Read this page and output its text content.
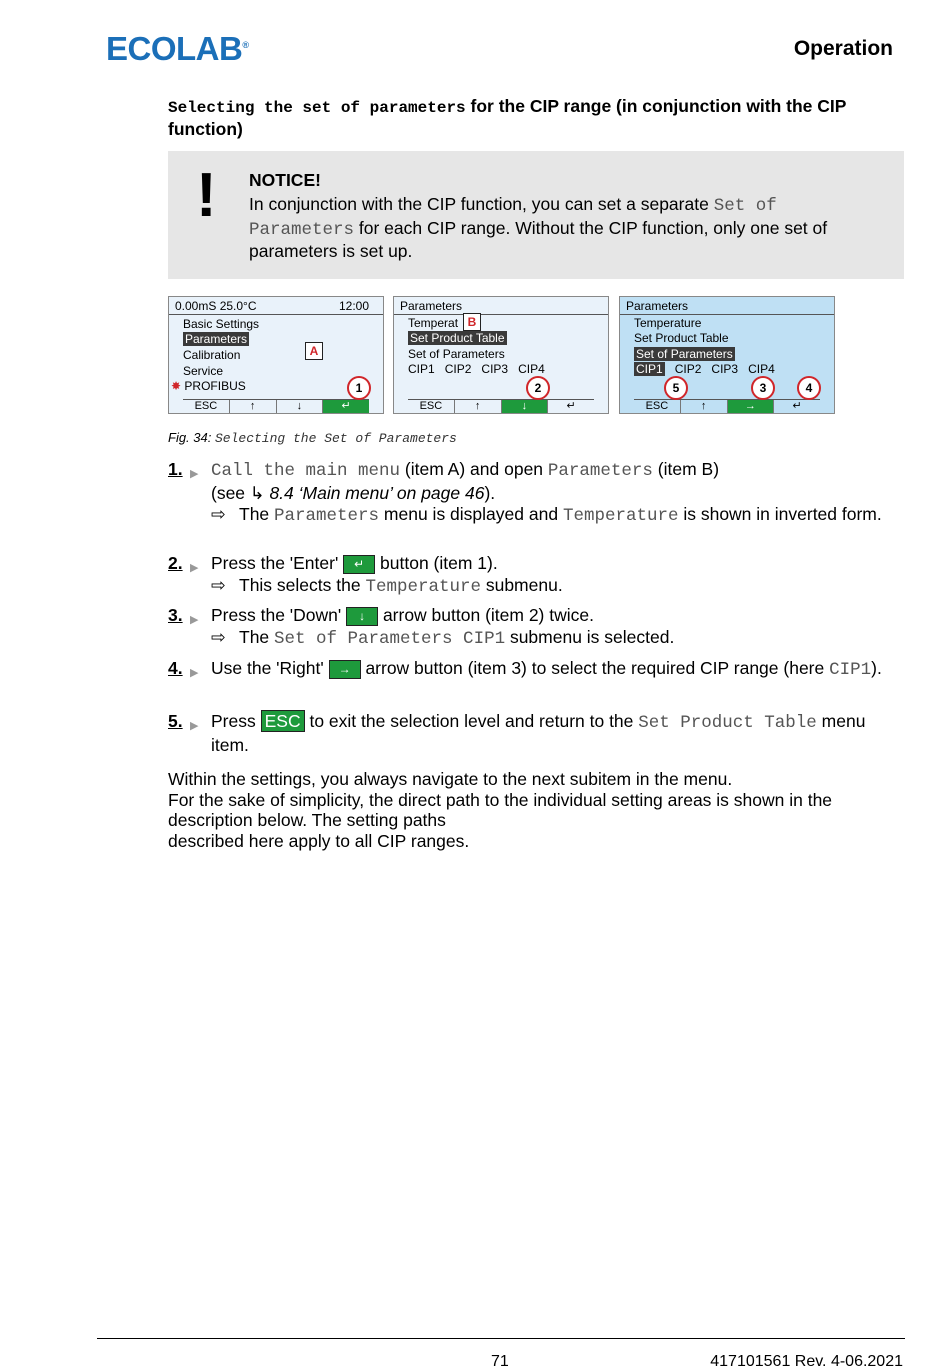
ECOLAB®	Operation
Selecting the set of parameters for the CIP range (in conjunction with the CIP function)
! NOTICE!
In conjunction with the CIP function, you can set a separate Set of Parameters for each CIP range. Without the CIP function, only one set of parameters is set up.
0.00mS 25.0°C	12:00
Basic Settings
Parameters
Calibration
Service
✸ PROFIBUS
ESC	↑	↓	↵
A
1
Parameters
Temperat
Set Product Table
Set of Parameters
CIP1 CIP2 CIP3 CIP4
ESC	↑	↓	↵
B
2
Parameters
Temperature
Set Product Table
Set of Parameters
CIP1 CIP2 CIP3 CIP4
ESC	↑	→	↵
5	3	4
Fig. 34: Selecting the Set of Parameters
1. ▶ Call the main menu (item A) and open Parameters (item B)
(see ↳ 8.4 ‘Main menu’ on page 46).
⇨ The Parameters menu is displayed and Temperature is shown in inverted form.
2. ▶ Press the 'Enter' ↵ button (item 1).
⇨ This selects the Temperature submenu.
3. ▶ Press the 'Down' ↓ arrow button (item 2) twice.
⇨ The Set of Parameters CIP1 submenu is selected.
4. ▶ Use the 'Right' → arrow button (item 3) to select the required CIP range (here CIP1).
5. ▶ Press ESC to exit the selection level and return to the Set Product Table menu item.
Within the settings, you always navigate to the next subitem in the menu.
For the sake of simplicity, the direct path to the individual setting areas is shown in the description below. The setting paths
described here apply to all CIP ranges.
71	417101561 Rev. 4-06.2021
